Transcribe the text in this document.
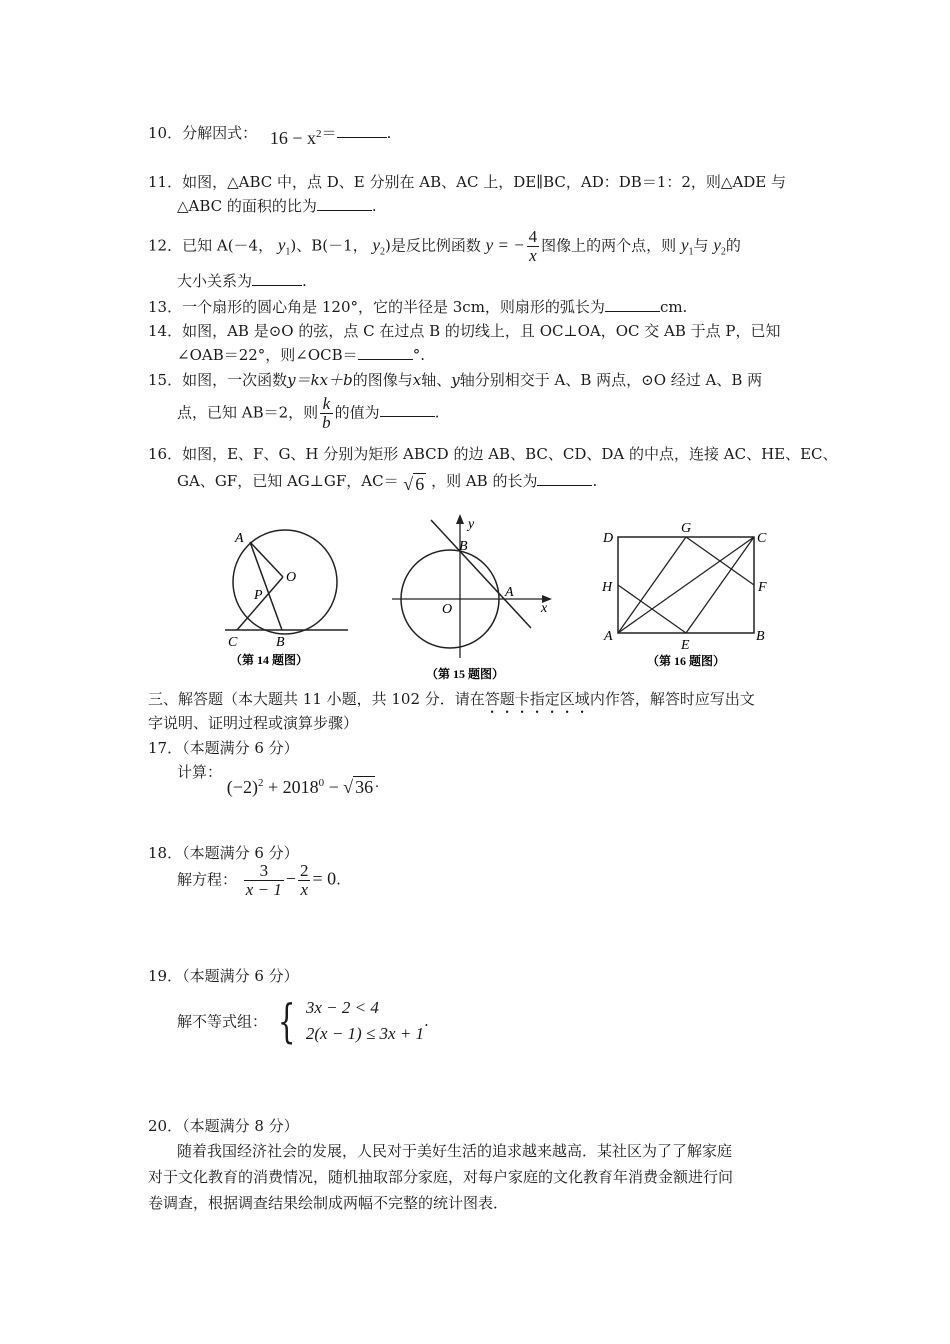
10．分解因式： $16 - x^2=$	.
11．如图，△ABC 中，点 D、E 分别在 AB、AC 上，DE∥BC，AD：DB＝1：2，则△ADE 与
△ABC 的面积的比为	.
12．已知 A(－4， $y_1$)、B(－1， $y_2$)是反比例函数 y = − $\frac{4}{x}$ 图像上的两个点，则 $y_1$与 $y_2$的
大小关系为	.
13．一个扇形的圆心角是 120°，它的半径是 3cm，则扇形的弧长为	cm.
14．如图，AB 是⊙O 的弦，点 C 在过点 B 的切线上，且 OC⊥OA，OC 交 AB 于点 P，已知
∠OAB＝22°，则∠OCB＝	°.
15．如图，一次函数y＝kx＋b的图像与x轴、y轴分别相交于 A、B 两点，⊙O 经过 A、B 两
点，已知 AB＝2，则 $\frac{k}{b}$ 的值为	.
16．如图，E、F、G、H 分别为矩形 ABCD 的边 AB、BC、CD、DA 的中点，连接 AC、HE、EC、
GA、GF，已知 AG⊥GF，AC＝ √ 6 ，则 AB 的长为	.
A
O
P
C	B
（第 14 题图）
y
x
B
A
O
（第 15 题图）
D
G
C
H	F
A
E
B
（第 16 题图）
三、解答题（本大题共 11 小题，共 102 分．请在答题卡指定区域内作答，解答时应写出文
字说明、证明过程或演算步骤）
17．（本题满分 6 分）
计算： $(-2)^2 + 2018^0$ − √ 36 .
18．（本题满分 6 分）
解方程： $\frac{3}{x - 1} - \frac{2}{x} = 0$.
19．（本题满分 6 分）
解不等式组： { 3x − 2 < 4
2(x − 1) ≤ 3x + 1
.
20．（本题满分 8 分）
随着我国经济社会的发展，人民对于美好生活的追求越来越高．某社区为了了解家庭
对于文化教育的消费情况，随机抽取部分家庭，对每户家庭的文化教育年消费金额进行问
卷调查，根据调查结果绘制成两幅不完整的统计图表．
